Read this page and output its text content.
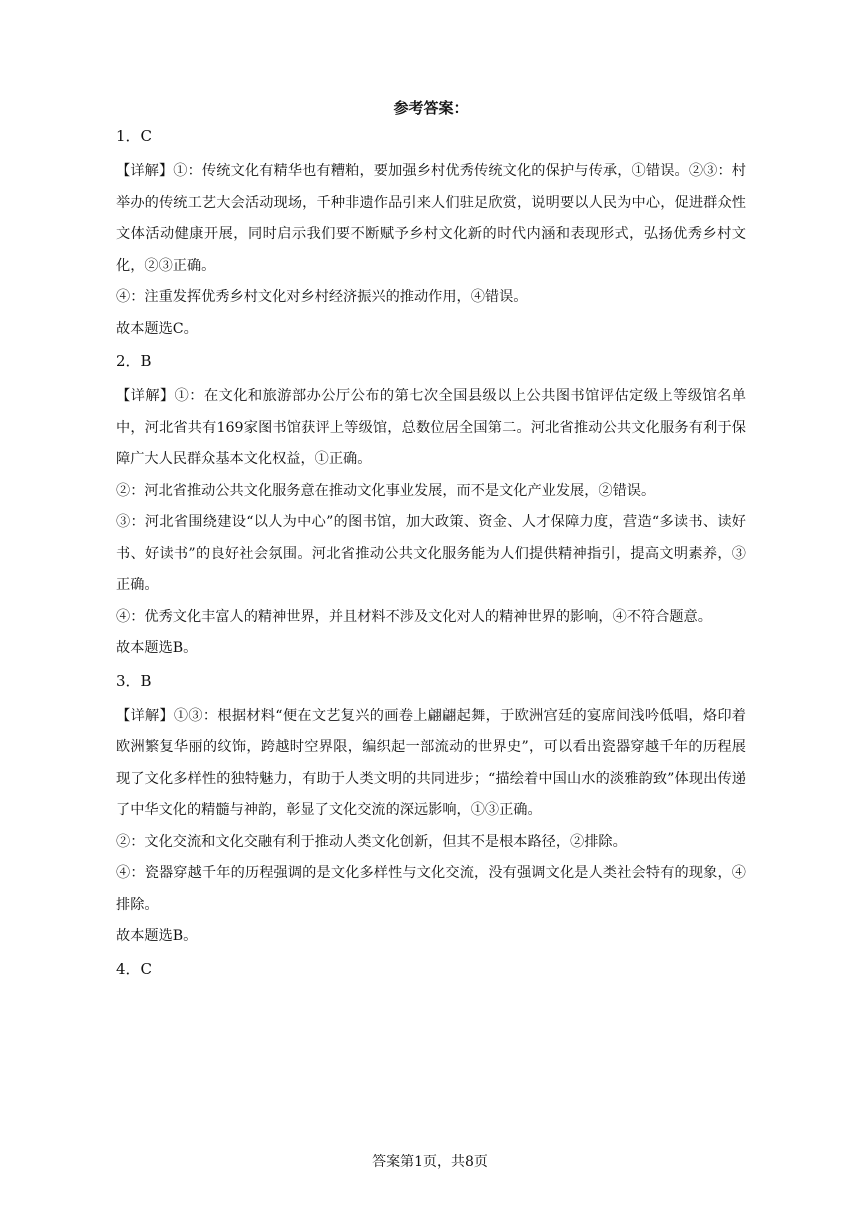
参考答案：
1．C

【详解】①：传统文化有精华也有糟粕，要加强乡村优秀传统文化的保护与传承，①错误。②③：村举办的传统工艺大会活动现场，千种非遗作品引来人们驻足欣赏，说明要以人民为中心，促进群众性文体活动健康开展，同时启示我们要不断赋予乡村文化新的时代内涵和表现形式，弘扬优秀乡村文化，②③正确。

④：注重发挥优秀乡村文化对乡村经济振兴的推动作用，④错误。

故本题选C。

2．B

【详解】①：在文化和旅游部办公厅公布的第七次全国县级以上公共图书馆评估定级上等级馆名单中，河北省共有169家图书馆获评上等级馆，总数位居全国第二。河北省推动公共文化服务有利于保障广大人民群众基本文化权益，①正确。

②：河北省推动公共文化服务意在推动文化事业发展，而不是文化产业发展，②错误。

③：河北省围绕建设“以人为中心”的图书馆，加大政策、资金、人才保障力度，营造“多读书、读好书、好读书”的良好社会氛围。河北省推动公共文化服务能为人们提供精神指引，提高文明素养，③正确。

④：优秀文化丰富人的精神世界，并且材料不涉及文化对人的精神世界的影响，④不符合题意。

故本题选B。

3．B

【详解】①③：根据材料“便在文艺复兴的画卷上翩翩起舞，于欧洲宫廷的宴席间浅吟低唱，烙印着欧洲繁复华丽的纹饰，跨越时空界限，编织起一部流动的世界史”，可以看出瓷器穿越千年的历程展现了文化多样性的独特魅力，有助于人类文明的共同进步；“描绘着中国山水的淡雅韵致”体现出传递了中华文化的精髓与神韵，彰显了文化交流的深远影响，①③正确。

②：文化交流和文化交融有利于推动人类文化创新，但其不是根本路径，②排除。

④：瓷器穿越千年的历程强调的是文化多样性与文化交流，没有强调文化是人类社会特有的现象，④排除。

故本题选B。

4．C
答案第1页，共8页
